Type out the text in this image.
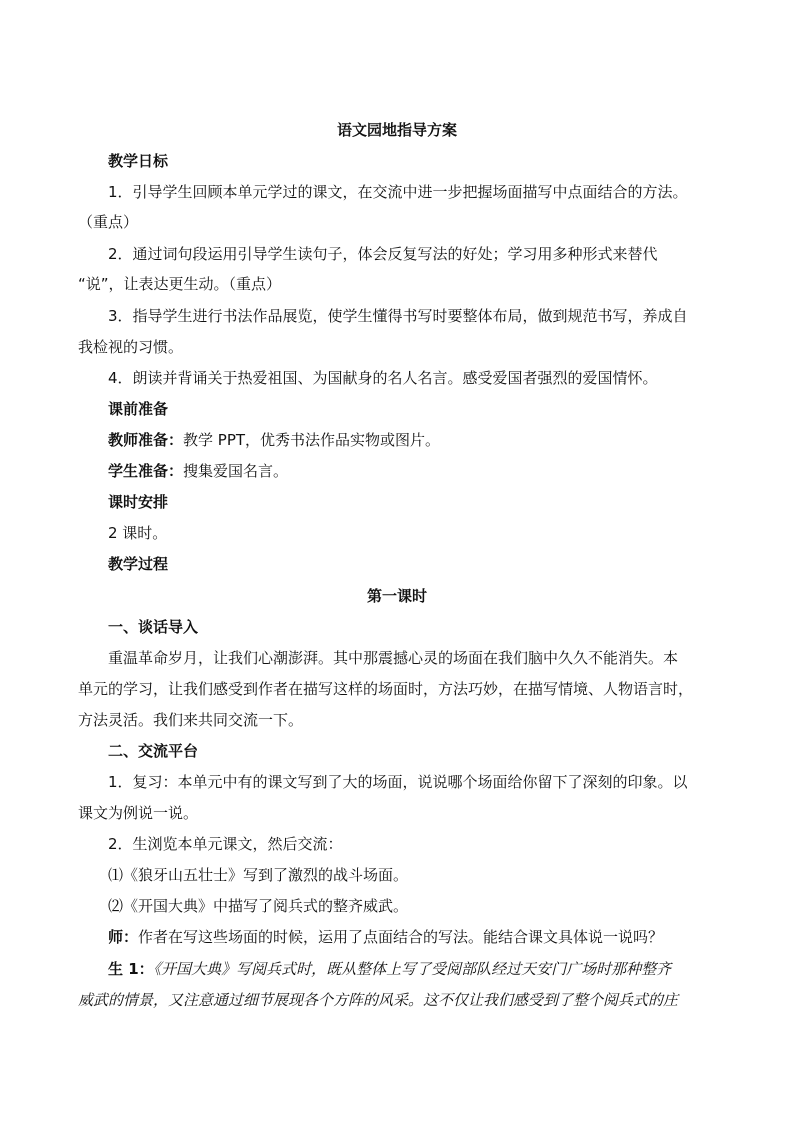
语文园地指导方案
教学日标
1．引导学生回顾本单元学过的课文，在交流中进一步把握场面描写中点面结合的方法。
（重点）
2．通过词句段运用引导学生读句子，体会反复写法的好处；学习用多种形式来替代
“说”，让表达更生动。（重点）
3．指导学生进行书法作品展览，使学生懂得书写时要整体布局，做到规范书写，养成自
我检视的习惯。
4．朗读并背诵关于热爱祖国、为国献身的名人名言。感受爱国者强烈的爱国情怀。
课前准备
教师准备：教学 PPT，优秀书法作品实物或图片。
学生准备：搜集爱国名言。
课时安排
2 课时。
教学过程
第一课时
一、谈话导入
重温革命岁月，让我们心潮澎湃。其中那震撼心灵的场面在我们脑中久久不能消失。本
单元的学习，让我们感受到作者在描写这样的场面时，方法巧妙，在描写情境、人物语言时，
方法灵活。我们来共同交流一下。
二、交流平台
1．复习：本单元中有的课文写到了大的场面，说说哪个场面给你留下了深刻的印象。以
课文为例说一说。
2．生浏览本单元课文，然后交流：
⑴《狼牙山五壮士》写到了激烈的战斗场面。
⑵《开国大典》中描写了阅兵式的整齐威武。
师：作者在写这些场面的时候，运用了点面结合的写法。能结合课文具体说一说吗？
生 1：《开国大典》写阅兵式时，既从整体上写了受阅部队经过天安门广场时那种整齐
威武的情景，又注意通过细节展现各个方阵的风采。这不仅让我们感受到了整个阅兵式的庄
